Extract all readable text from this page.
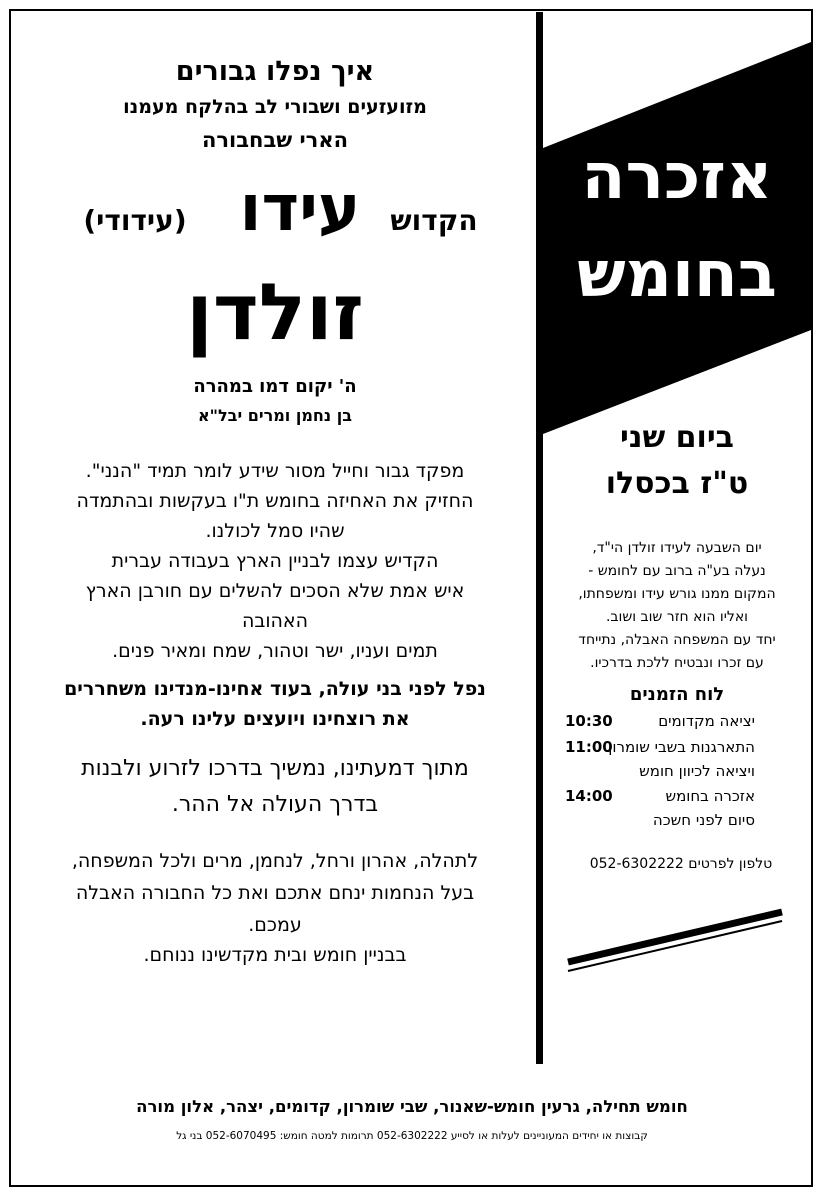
איך נפלו גבורים
מזועזעים ושבורי לב בהלקח מעמנו
הארי שבחבורה
הקדוש
עידו
(עידודי)
זולדן
ה' יקום דמו במהרה
בן נחמן ומרים יבל"א
מפקד גבור וחייל מסור שידע לומר תמיד "הנני".
החזיק את האחיזה בחומש ת"ו בעקשות ובהתמדה
שהיו סמל לכולנו.
הקדיש עצמו לבניין הארץ בעבודה עברית
איש אמת שלא הסכים להשלים עם חורבן הארץ
האהובה
תמים ועניו, ישר וטהור, שמח ומאיר פנים.
נפל לפני בני עולה, בעוד אחינו-מנדינו משחררים
את רוצחינו ויועצים עלינו רעה.
מתוך דמעתינו, נמשיך בדרכו לזרוע ולבנות
בדרך העולה אל ההר.
לתהלה, אהרון ורחל, לנחמן, מרים ולכל המשפחה,
בעל הנחמות ינחם אתכם ואת כל החבורה האבלה
עמכם.
בבניין חומש ובית מקדשינו ננוחם.
אזכרה
בחומש
ביום שני
ט"ז בכסלו
יום השבעה לעידו זולדן הי"ד,
נעלה בע"ה ברוב עם לחומש -
המקום ממנו גורש עידו ומשפחתו,
ואליו הוא חזר שוב ושוב.
יחד עם המשפחה האבלה, נתייחד
עם זכרו ונבטיח ללכת בדרכיו.
לוח הזמנים
10:30	יציאה מקדומים
11:00
התארגנות בשבי שומרון
ויציאה לכיוון חומש
14:00	אזכרה בחומש
סיום לפני חשכה
טלפון לפרטים 052-6302222
חומש תחילה, גרעין חומש-שאנור, שבי שומרון, קדומים, יצהר, אלון מורה
קבוצות או יחידים המעוניינים לעלות או לסייע 052-6302222 תרומות למטה חומש: 052-6070495 בני גל
